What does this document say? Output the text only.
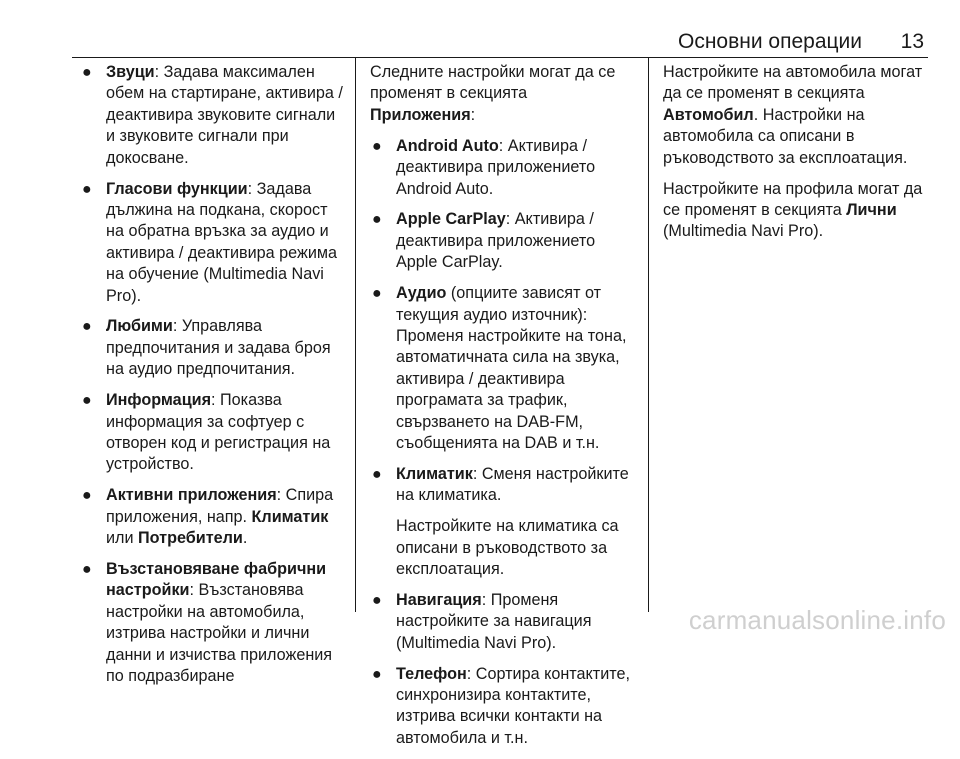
Основни операции 13
● Звуци: Задава максимален обем на стартиране, активира / деактивира звуковите сигнали и звуковите сигнали при докосване.
● Гласови функции: Задава дължина на подкана, скорост на обратна връзка за аудио и активира / деактивира режима на обучение (Multimedia Navi Pro).
● Любими: Управлява предпочитания и задава броя на аудио предпочитания.
● Информация: Показва информация за софтуер с отворен код и регистрация на устройство.
● Активни приложения: Спира приложения, напр. Климатик или Потребители.
● Възстановяване фабрични настройки: Възстановява настройки на автомобила, изтрива настройки и лични данни и изчиства приложения по подразбиране
Следните настройки могат да се променят в секцията Приложения:
● Android Auto: Активира / деактивира приложението Android Auto.
● Apple CarPlay: Активира / деактивира приложението Apple CarPlay.
● Аудио (опциите зависят от текущия аудио източник): Променя настройките на тона, автоматичната сила на звука, активира / деактивира програмата за трафик, свързването на DAB-FM, съобщенията на DAB и т.н.
● Климатик: Сменя настройките на климатика.
Настройките на климатика са описани в ръководството за експлоатация.
● Навигация: Променя настройките за навигация (Multimedia Navi Pro).
● Телефон: Сортира контактите, синхронизира контактите, изтрива всички контакти на автомобила и т.н.
Настройките на автомобила могат да се променят в секцията Автомобил. Настройки на автомобила са описани в ръководството за експлоатация.
Настройките на профила могат да се променят в секцията Лични (Multimedia Navi Pro).
carmanualsonline.info
